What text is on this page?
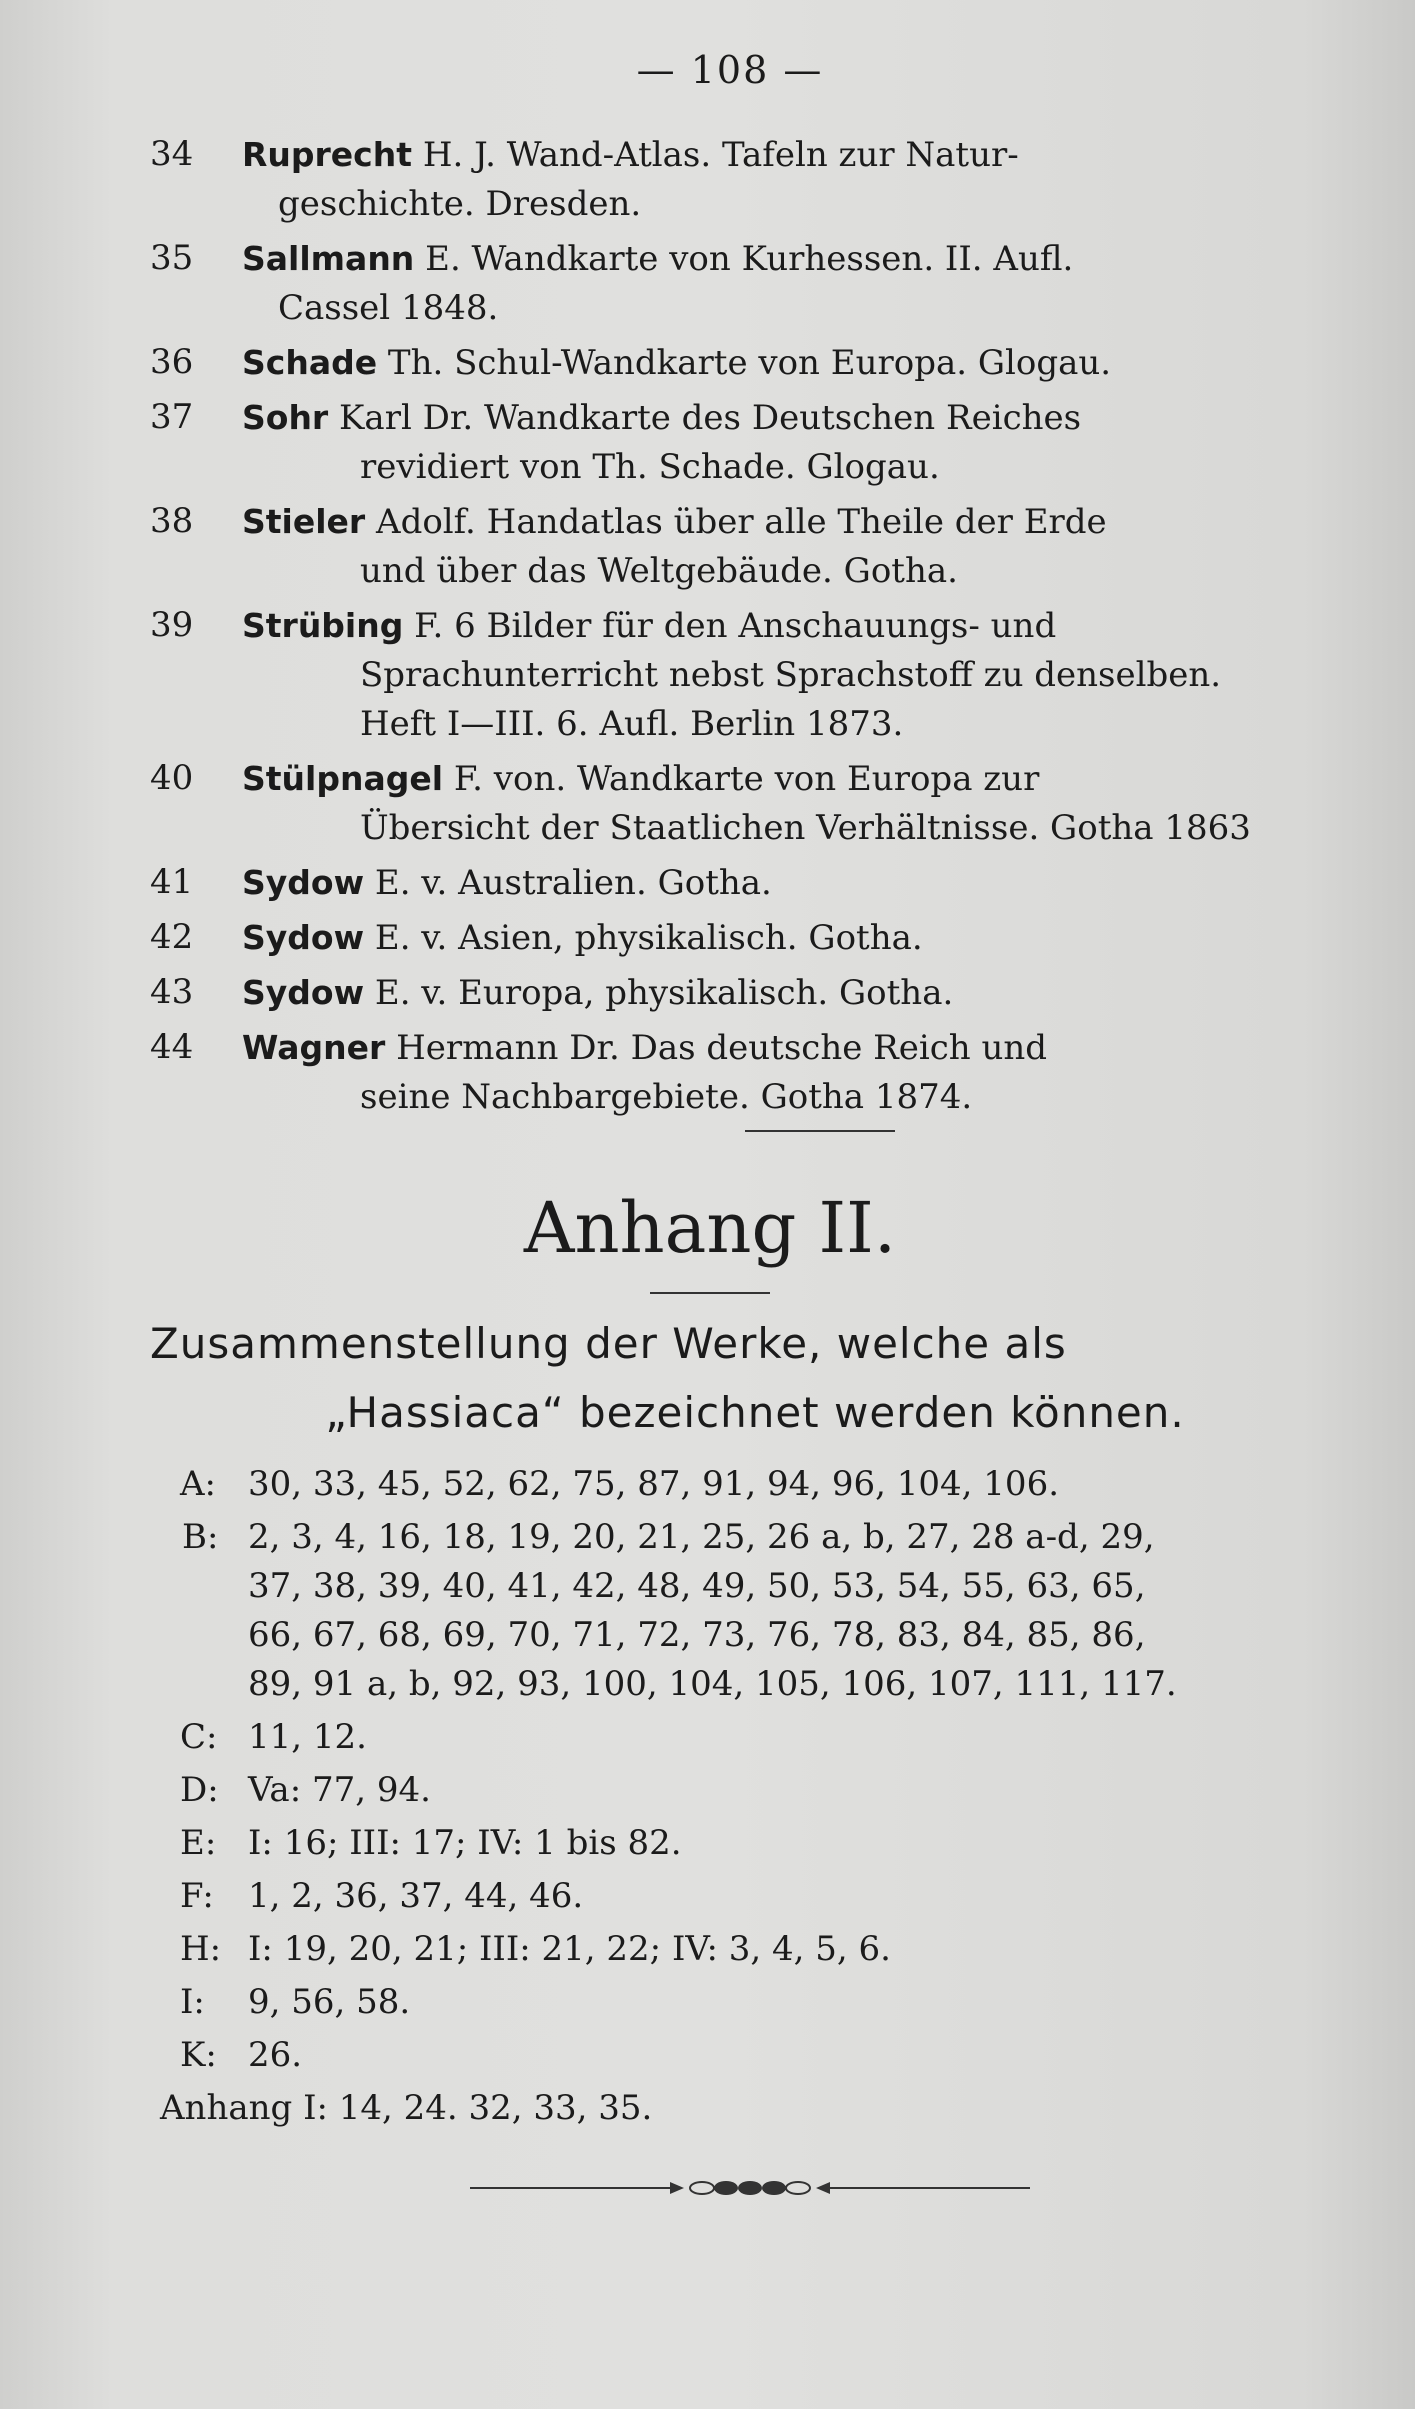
— 108 —
34	Ruprecht H. J. Wand-Atlas. Tafeln zur Natur-
geschichte. Dresden.
35	Sallmann E. Wandkarte von Kurhessen. II. Aufl.
Cassel 1848.
36	Schade Th. Schul-Wandkarte von Europa. Glogau.
37	Sohr Karl Dr. Wandkarte des Deutschen Reiches
revidiert von Th. Schade. Glogau.
38	Stieler Adolf. Handatlas über alle Theile der Erde
und über das Weltgebäude. Gotha.
39	Strübing F. 6 Bilder für den Anschauungs- und
Sprachunterricht nebst Sprachstoff zu denselben.
Heft I—III. 6. Aufl. Berlin 1873.
40	Stülpnagel F. von. Wandkarte von Europa zur
Übersicht der Staatlichen Verhältnisse. Gotha 1863
41	Sydow E. v. Australien. Gotha.
42	Sydow E. v. Asien, physikalisch. Gotha.
43	Sydow E. v. Europa, physikalisch. Gotha.
44	Wagner Hermann Dr. Das deutsche Reich und
seine Nachbargebiete. Gotha 1874.
Anhang II.
Zusammenstellung der Werke, welche als
„Hassiaca“ bezeichnet werden können.
A: 30, 33, 45, 52, 62, 75, 87, 91, 94, 96, 104, 106.
B: 2, 3, 4, 16, 18, 19, 20, 21, 25, 26 a, b, 27, 28 a-d, 29,
37, 38, 39, 40, 41, 42, 48, 49, 50, 53, 54, 55, 63, 65,
66, 67, 68, 69, 70, 71, 72, 73, 76, 78, 83, 84, 85, 86,
89, 91 a, b, 92, 93, 100, 104, 105, 106, 107, 111, 117.
C: 11, 12.
D: Va: 77, 94.
E: I: 16; III: 17; IV: 1 bis 82.
F:	1, 2, 36, 37, 44, 46.
H: I: 19, 20, 21; III: 21, 22; IV: 3, 4, 5, 6.
I:	9, 56, 58.
K: 26.
Anhang I: 14, 24. 32, 33, 35.
